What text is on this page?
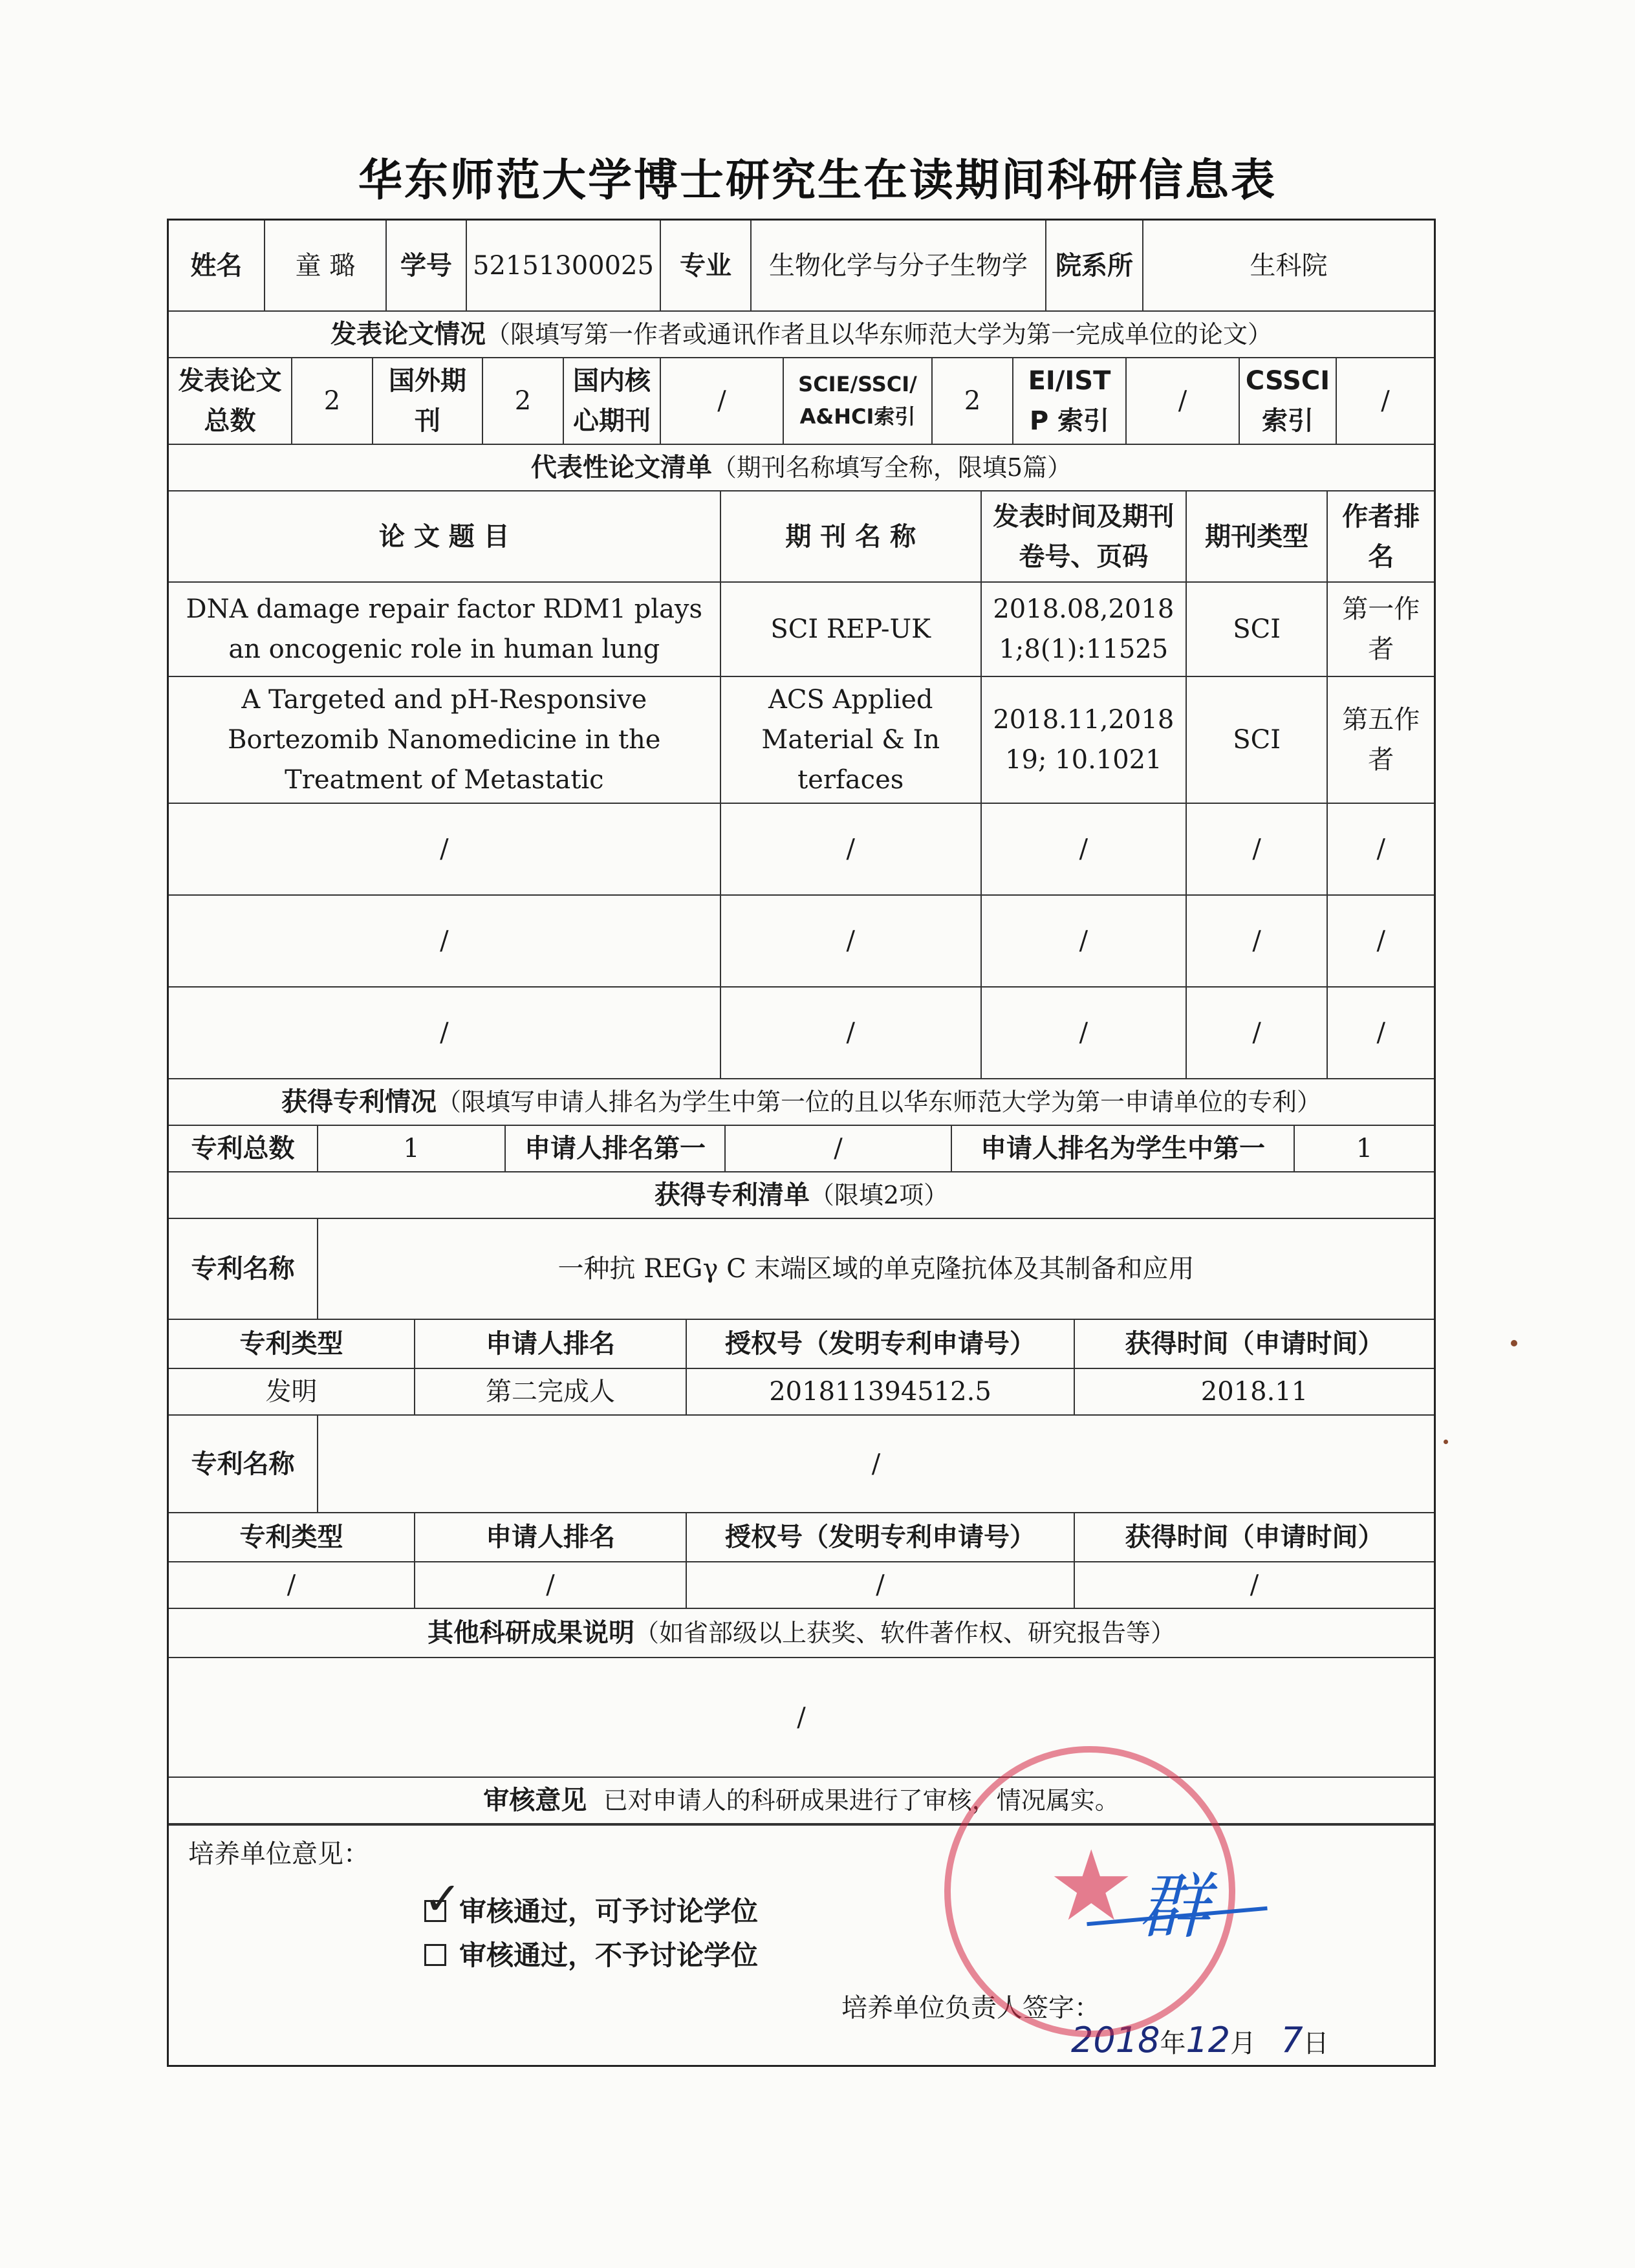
华东师范大学博士研究生在读期间科研信息表
姓名	童 璐	学号	52151300025	专业	生物化学与分子生物学	院系所	生科院
发表论文情况（限填写第一作者或通讯作者且以华东师范大学为第一完成单位的论文）
发表论文总数	2	国外期刊	2	国内核心期刊	/	SCIE/SSCI/ A&HCI索引	2	EI/ISTP 索引	/	CSSCI 索引	/
代表性论文清单（期刊名称填写全称，限填5篇）
论 文 题 目	期 刊 名 称	发表时间及期刊卷号、页码	期刊类型	作者排名
DNA damage repair factor RDM1 plays an oncogenic role in human lung	SCI REP-UK	2018.08,2018 1;8(1):11525	SCI	第一作者
A Targeted and pH-Responsive Bortezomib Nanomedicine in the Treatment of Metastatic	ACS Applied Material & In terfaces	2018.11,2018 19; 10.1021	SCI	第五作者
/	/	/	/	/
/	/	/	/	/
/	/	/	/	/
获得专利情况（限填写申请人排名为学生中第一位的且以华东师范大学为第一申请单位的专利）
专利总数	1	申请人排名第一	/	申请人排名为学生中第一	1
获得专利清单（限填2项）
专利名称	一种抗 REGγ C 末端区域的单克隆抗体及其制备和应用
专利类型	申请人排名	授权号（发明专利申请号）	获得时间（申请时间）
发明	第二完成人	201811394512.5	2018.11
专利名称	/
专利类型	申请人排名	授权号（发明专利申请号）	获得时间（申请时间）
/	/	/	/
其他科研成果说明（如省部级以上获奖、软件著作权、研究报告等）
/
审核意见 已对申请人的科研成果进行了审核，情况属实。
培养单位意见：
✓
审核通过，可予讨论学位
审核通过，不予讨论学位
培养单位负责人签字：
2018年12月 7日
★ 群
